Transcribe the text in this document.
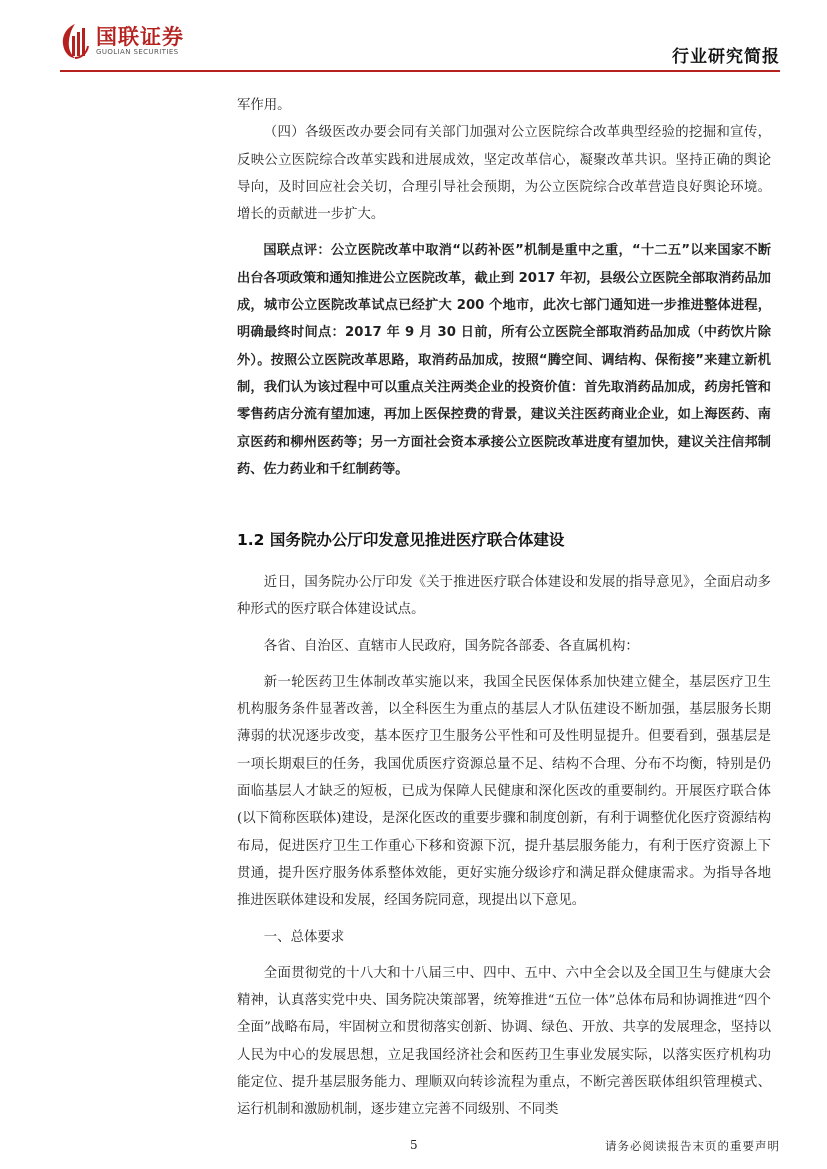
国联证券
GUOLIAN SECURITIES	行业研究简报

军作用。

（四）各级医改办要会同有关部门加强对公立医院综合改革典型经验的挖掘和宣传，反映公立医院综合改革实践和进展成效，坚定改革信心，凝聚改革共识。坚持正确的舆论导向，及时回应社会关切，合理引导社会预期，为公立医院综合改革营造良好舆论环境。增长的贡献进一步扩大。

国联点评：公立医院改革中取消“以药补医”机制是重中之重，“十二五”以来国家不断出台各项政策和通知推进公立医院改革，截止到 2017 年初，县级公立医院全部取消药品加成，城市公立医院改革试点已经扩大 200 个地市，此次七部门通知进一步推进整体进程，明确最终时间点：2017 年 9 月 30 日前，所有公立医院全部取消药品加成（中药饮片除外）。按照公立医院改革思路，取消药品加成，按照“腾空间、调结构、保衔接”来建立新机制，我们认为该过程中可以重点关注两类企业的投资价值：首先取消药品加成，药房托管和零售药店分流有望加速，再加上医保控费的背景，建议关注医药商业企业，如上海医药、南京医药和柳州医药等；另一方面社会资本承接公立医院改革进度有望加快，建议关注信邦制药、佐力药业和千红制药等。

1.2 国务院办公厅印发意见推进医疗联合体建设

近日，国务院办公厅印发《关于推进医疗联合体建设和发展的指导意见》，全面启动多种形式的医疗联合体建设试点。

各省、自治区、直辖市人民政府，国务院各部委、各直属机构：

新一轮医药卫生体制改革实施以来，我国全民医保体系加快建立健全，基层医疗卫生机构服务条件显著改善，以全科医生为重点的基层人才队伍建设不断加强，基层服务长期薄弱的状况逐步改变，基本医疗卫生服务公平性和可及性明显提升。但要看到，强基层是一项长期艰巨的任务，我国优质医疗资源总量不足、结构不合理、分布不均衡，特别是仍面临基层人才缺乏的短板，已成为保障人民健康和深化医改的重要制约。开展医疗联合体(以下简称医联体)建设，是深化医改的重要步骤和制度创新，有利于调整优化医疗资源结构布局，促进医疗卫生工作重心下移和资源下沉，提升基层服务能力，有利于医疗资源上下贯通，提升医疗服务体系整体效能，更好实施分级诊疗和满足群众健康需求。为指导各地推进医联体建设和发展，经国务院同意，现提出以下意见。

一、总体要求

全面贯彻党的十八大和十八届三中、四中、五中、六中全会以及全国卫生与健康大会精神，认真落实党中央、国务院决策部署，统筹推进“五位一体”总体布局和协调推进“四个全面”战略布局，牢固树立和贯彻落实创新、协调、绿色、开放、共享的发展理念，坚持以人民为中心的发展思想，立足我国经济社会和医药卫生事业发展实际，以落实医疗机构功能定位、提升基层服务能力、理顺双向转诊流程为重点，不断完善医联体组织管理模式、运行机制和激励机制，逐步建立完善不同级别、不同类

5	请务必阅读报告末页的重要声明
